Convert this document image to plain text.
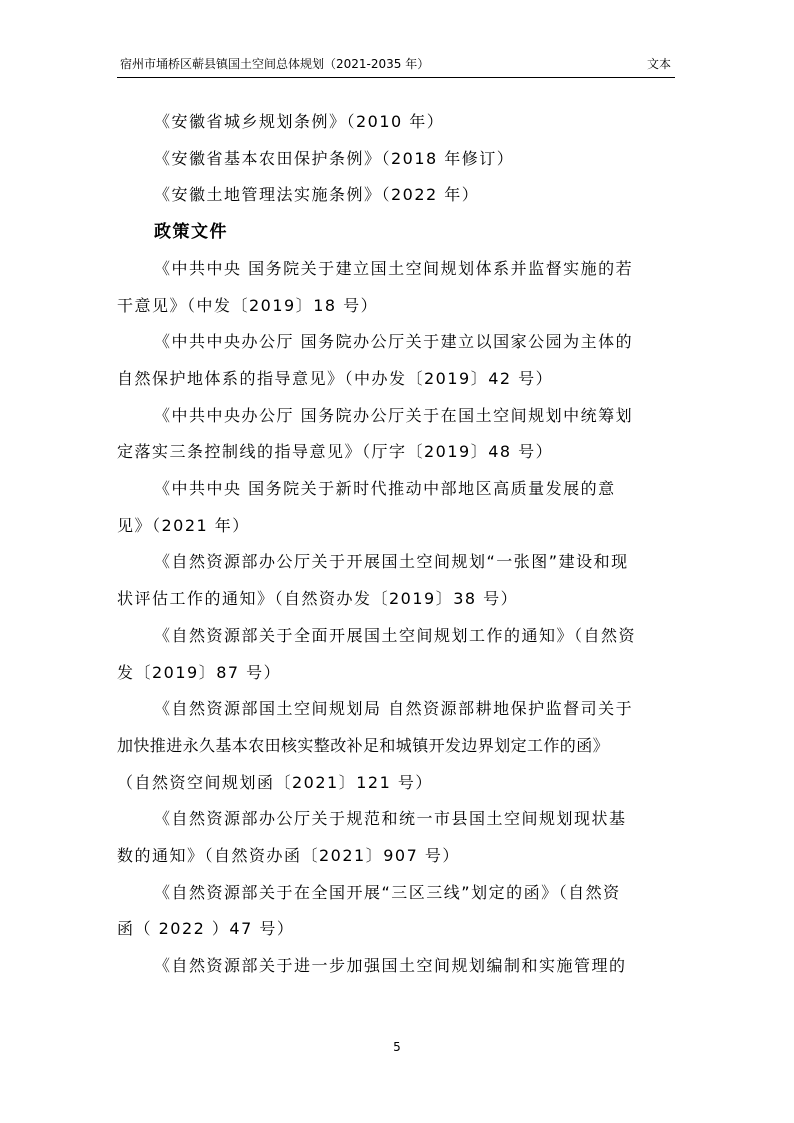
宿州市埇桥区蕲县镇国土空间总体规划（2021-2035 年）	文本

《安徽省城乡规划条例》（2010 年）

《安徽省基本农田保护条例》（2018 年修订）

《安徽土地管理法实施条例》（2022 年）

政策文件

《中共中央 国务院关于建立国土空间规划体系并监督实施的若

干意见》（中发〔2019〕18 号）

《中共中央办公厅 国务院办公厅关于建立以国家公园为主体的

自然保护地体系的指导意见》（中办发〔2019〕42 号）

《中共中央办公厅 国务院办公厅关于在国土空间规划中统筹划

定落实三条控制线的指导意见》（厅字〔2019〕48 号）

《中共中央 国务院关于新时代推动中部地区高质量发展的意

见》（2021 年）

《自然资源部办公厅关于开展国土空间规划“一张图”建设和现

状评估工作的通知》（自然资办发〔2019〕38 号）

《自然资源部关于全面开展国土空间规划工作的通知》（自然资

发〔2019〕87 号）

《自然资源部国土空间规划局 自然资源部耕地保护监督司关于

加快推进永久基本农田核实整改补足和城镇开发边界划定工作的函》

（自然资空间规划函〔2021〕121 号）

《自然资源部办公厅关于规范和统一市县国土空间规划现状基

数的通知》（自然资办函〔2021〕907 号）

《自然资源部关于在全国开展“三区三线”划定的函》（自然资

函（ 2022 ）47 号）

《自然资源部关于进一步加强国土空间规划编制和实施管理的

5
